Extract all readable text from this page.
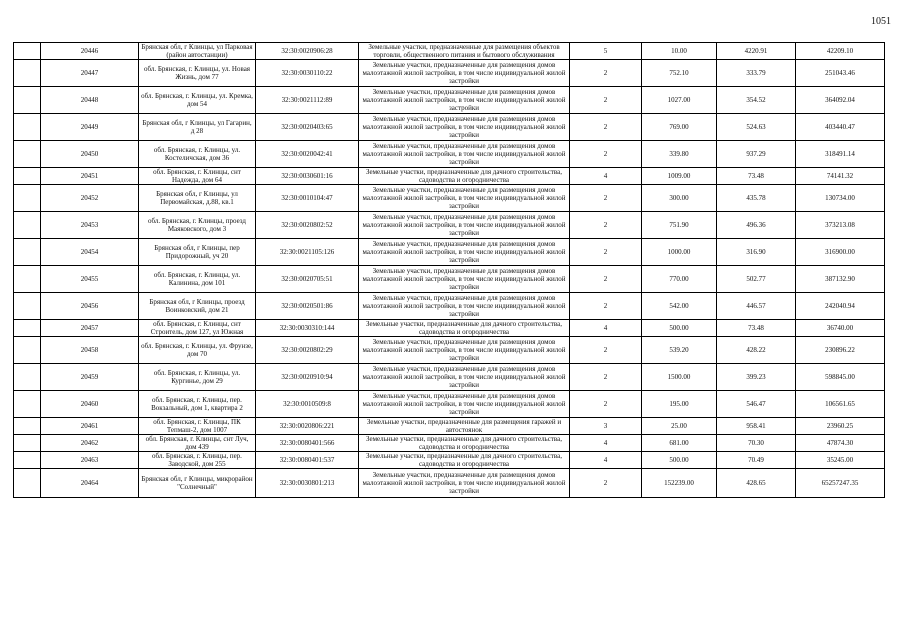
1051
	20446	Брянская обл, г Клинцы, ул Парковая (район автостанции)	32:30:0020906:28	Земельные участки, предназначенные для размещения объектов торговли, общественного питания и бытового обслуживания	5	10.00	4220.91	42209.10
	20447	обл. Брянская, г. Клинцы, ул. Новая Жизнь, дом 77	32:30:0030110:22	Земельные участки, предназначенные для размещения домов малоэтажной жилой застройки, в том числе индивидуальной жилой застройки	2	752.10	333.79	251043.46
	20448	обл. Брянская, г. Клинцы, ул. Кремка, дом 54	32:30:0021112:89	Земельные участки, предназначенные для размещения домов малоэтажной жилой застройки, в том числе индивидуальной жилой застройки	2	1027.00	354.52	364092.04
	20449	Брянская обл, г Клинцы, ул Гагарин, д 28	32:30:0020403:65	Земельные участки, предназначенные для размещения домов малоэтажной жилой застройки, в том числе индивидуальной жилой застройки	2	769.00	524.63	403440.47
	20450	обл. Брянская, г. Клинцы, ул. Костеличская, дом 36	32:30:0020042:41	Земельные участки, предназначенные для размещения домов малоэтажной жилой застройки, в том числе индивидуальной жилой застройки	2	339.80	937.29	318491.14
	20451	обл. Брянская, г. Клинцы, снт Надежда, дом 64	32:30:0030601:16	Земельные участки, предназначенные для дачного строительства, садоводства и огородничества	4	1009.00	73.48	74141.32
	20452	Брянская обл, г Клинцы, ул Первомайская, д.88, кв.1	32:30:0010104:47	Земельные участки, предназначенные для размещения домов малоэтажной жилой застройки, в том числе индивидуальной жилой застройки	2	300.00	435.78	130734.00
	20453	обл. Брянская, г. Клинцы, проезд Маяковского, дом 3	32:30:0020802:52	Земельные участки, предназначенные для размещения домов малоэтажной жилой застройки, в том числе индивидуальной жилой застройки	2	751.90	496.36	373213.08
	20454	Брянская обл, г Клинцы, пер Придорожный, уч 20	32:30:0021105:126	Земельные участки, предназначенные для размещения домов малоэтажной жилой застройки, в том числе индивидуальной жилой застройки	2	1000.00	316.90	316900.00
	20455	обл. Брянская, г. Клинцы, ул. Калинина, дом 101	32:30:0020705:51	Земельные участки, предназначенные для размещения домов малоэтажной жилой застройки, в том числе индивидуальной жилой застройки	2	770.00	502.77	387132.90
	20456	Брянская обл, г Клинцы, проезд Воинковский, дом 21	32:30:0020501:86	Земельные участки, предназначенные для размещения домов малоэтажной жилой застройки, в том числе индивидуальной жилой застройки	2	542.00	446.57	242040.94
	20457	обл. Брянская, г. Клинцы, снт Строитель, дом 127, ул Южная	32:30:0030310:144	Земельные участки, предназначенные для дачного строительства, садоводства и огородничества	4	500.00	73.48	36740.00
	20458	обл. Брянская, г. Клинцы, ул. Фрунзе, дом 70	32:30:0020802:29	Земельные участки, предназначенные для размещения домов малоэтажной жилой застройки, в том числе индивидуальной жилой застройки	2	539.20	428.22	230896.22
	20459	обл. Брянская, г. Клинцы, ул. Кургинье, дом 29	32:30:0020910:94	Земельные участки, предназначенные для размещения домов малоэтажной жилой застройки, в том числе индивидуальной жилой застройки	2	1500.00	399.23	598845.00
	20460	обл. Брянская, г. Клинцы, пер. Вокзальный, дом 1, квартира 2	32:30:0010509:8	Земельные участки, предназначенные для размещения домов малоэтажной жилой застройки, в том числе индивидуальной жилой застройки	2	195.00	546.47	106561.65
	20461	обл. Брянская, г. Клинцы, ПК Тепмаш-2, дом 1007	32:30:0020806:221	Земельные участки, предназначенные для размещения гаражей и автостоянок	3	25.00	958.41	23960.25
	20462	обл. Брянская, г. Клинцы, снт Луч, дом 439	32:30:0080401:566	Земельные участки, предназначенные для дачного строительства, садоводства и огородничества	4	681.00	70.30	47874.30
	20463	обл. Брянская, г. Клинцы, пер. Заводской, дом 255	32:30:0080401:537	Земельные участки, предназначенные для дачного строительства, садоводства и огородничества	4	500.00	70.49	35245.00
	20464	Брянская обл, г Клинцы, микрорайон "Солнечный"	32:30:0030801:213	Земельные участки, предназначенные для размещения домов малоэтажной жилой застройки, в том числе индивидуальной жилой застройки	2	152239.00	428.65	65257247.35
